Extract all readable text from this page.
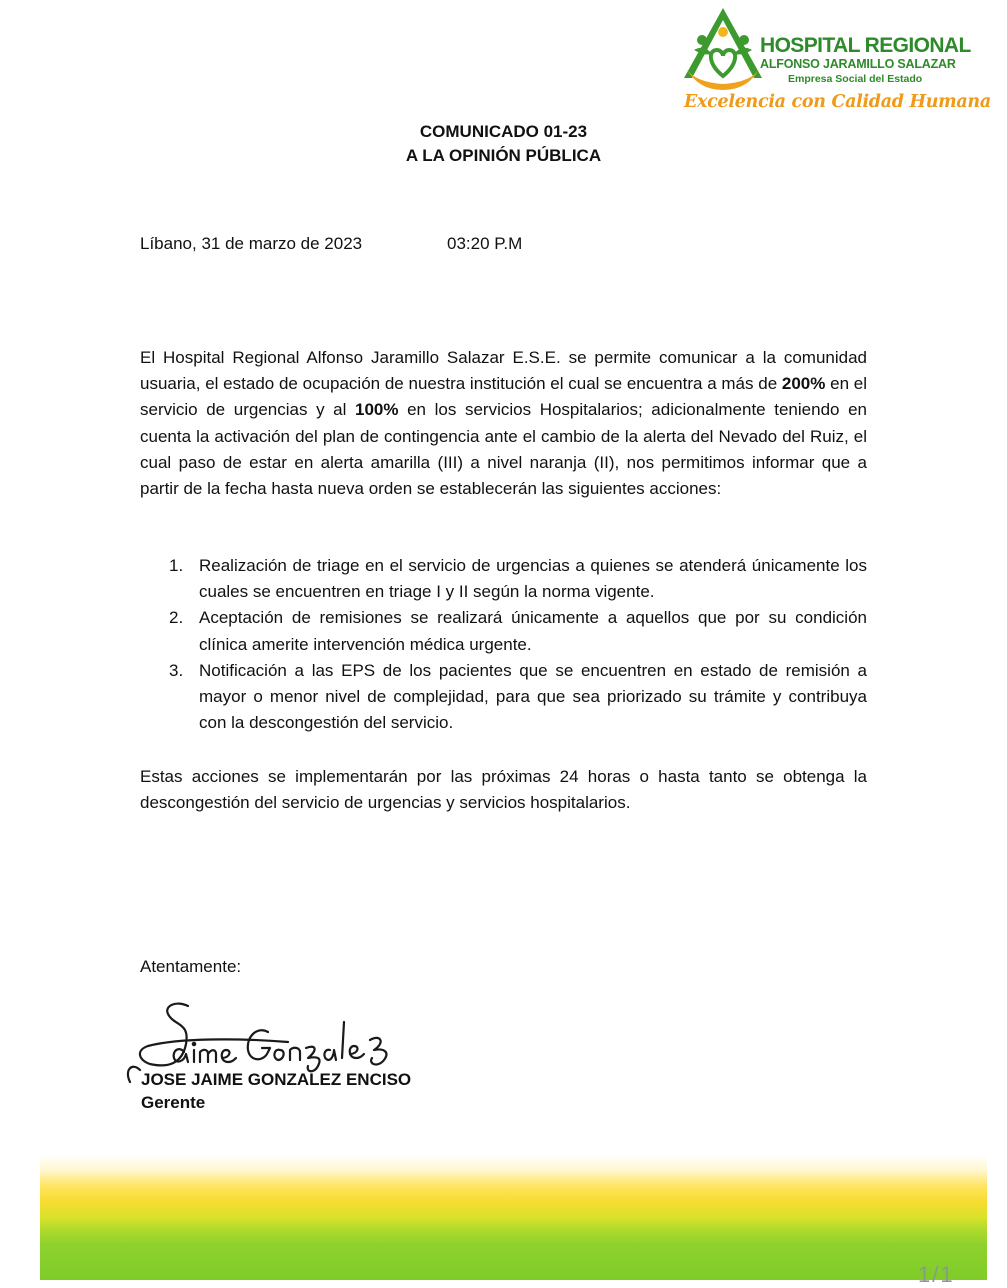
HOSPITAL REGIONAL
ALFONSO JARAMILLO SALAZAR
Empresa Social del Estado
Excelencia con Calidad Humana
COMUNICADO 01-23
A LA OPINIÓN PÚBLICA
Líbano, 31 de marzo de 2023	03:20 P.M

El Hospital Regional Alfonso Jaramillo Salazar E.S.E. se permite comunicar a la comunidad usuaria, el estado de ocupación de nuestra institución el cual se encuentra a más de 200% en el servicio de urgencias y al 100% en los servicios Hospitalarios; adicionalmente teniendo en cuenta la activación del plan de contingencia ante el cambio de la alerta del Nevado del Ruiz, el cual paso de estar en alerta amarilla (III) a nivel naranja (II), nos permitimos informar que a partir de la fecha hasta nueva orden se establecerán las siguientes acciones:

1. Realización de triage en el servicio de urgencias a quienes se atenderá únicamente los cuales se encuentren en triage I y II según la norma vigente.
2. Aceptación de remisiones se realizará únicamente a aquellos que por su condición clínica amerite intervención médica urgente.
3. Notificación a las EPS de los pacientes que se encuentren en estado de remisión a mayor o menor nivel de complejidad, para que sea priorizado su trámite y contribuya con la descongestión del servicio.

Estas acciones se implementarán por las próximas 24 horas o hasta tanto se obtenga la descongestión del servicio de urgencias y servicios hospitalarios.

Atentamente:
JOSE JAIME GONZALEZ ENCISO
Gerente
1/1
